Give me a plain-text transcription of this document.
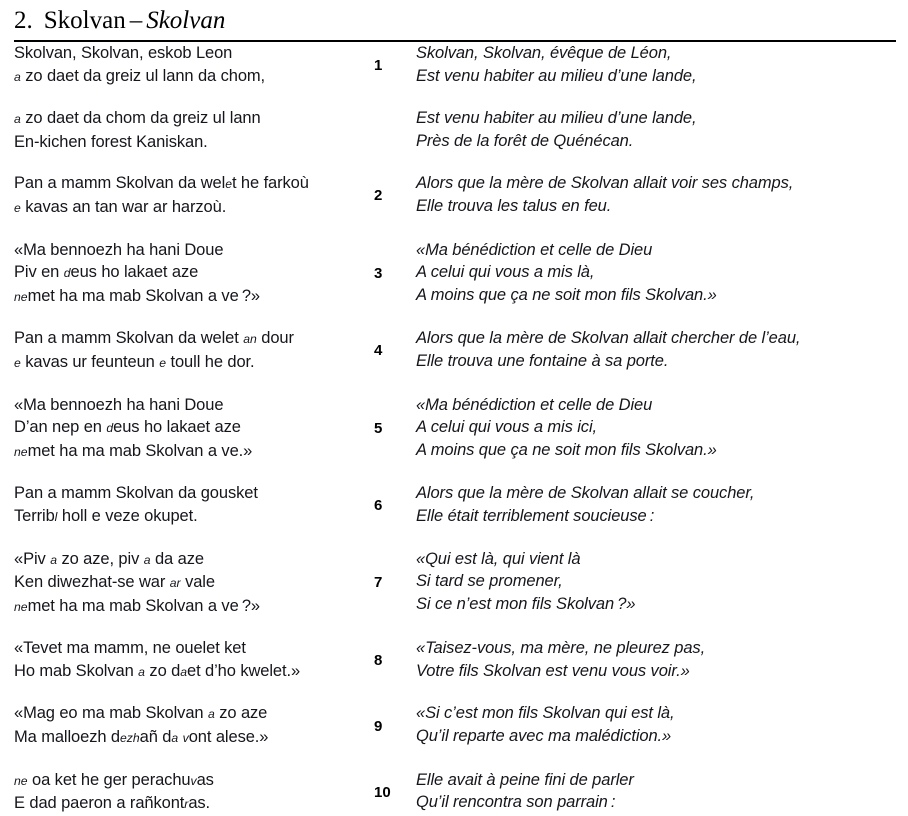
2. Skolvan – Skolvan
Skolvan, Skolvan, eskob Leon
a zo daet da greiz ul lann da chom,
1
Skolvan, Skolvan, évêque de Léon,
Est venu habiter au milieu d’une lande,
a zo daet da chom da greiz ul lann
En-kichen forest Kaniskan.
Est venu habiter au milieu d’une lande,
Près de la forêt de Quénécan.
Pan a mamm Skolvan da welet he farkoù
e kavas an tan war ar harzoù.
2
Alors que la mère de Skolvan allait voir ses champs,
Elle trouva les talus en feu.
«Ma bennoezh ha hani Doue
Piv en deus ho lakaet aze
nemet ha ma mab Skolvan a ve ?»
3
«Ma bénédiction et celle de Dieu
A celui qui vous a mis là,
A moins que ça ne soit mon fils Skolvan.»
Pan a mamm Skolvan da welet an dour
e kavas ur feunteun e toull he dor.
4
Alors que la mère de Skolvan allait chercher de l’eau,
Elle trouva une fontaine à sa porte.
«Ma bennoezh ha hani Doue
D’an nep en deus ho lakaet aze
nemet ha ma mab Skolvan a ve.»
5
«Ma bénédiction et celle de Dieu
A celui qui vous a mis ici,
A moins que ça ne soit mon fils Skolvan.»
Pan a mamm Skolvan da gousket
Terribl holl e veze okupet.
6
Alors que la mère de Skolvan allait se coucher,
Elle était terriblement soucieuse :
«Piv a zo aze, piv a da aze
Ken diwezhat-se war ar vale
nemet ha ma mab Skolvan a ve ?»
7
«Qui est là, qui vient là
Si tard se promener,
Si ce n’est mon fils Skolvan ?»
«Tevet ma mamm, ne ouelet ket
Ho mab Skolvan a zo daet d’ho kwelet.»
8
«Taisez-vous, ma mère, ne pleurez pas,
Votre fils Skolvan est venu vous voir.»
«Mag eo ma mab Skolvan a zo aze
Ma malloezh dezhañ da vont alese.»
9
«Si c’est mon fils Skolvan qui est là,
Qu’il reparte avec ma malédiction.»
ne oa ket he ger perachuvas
E dad paeron a rañkontras.
10
Elle avait à peine fini de parler
Qu’il rencontra son parrain :
